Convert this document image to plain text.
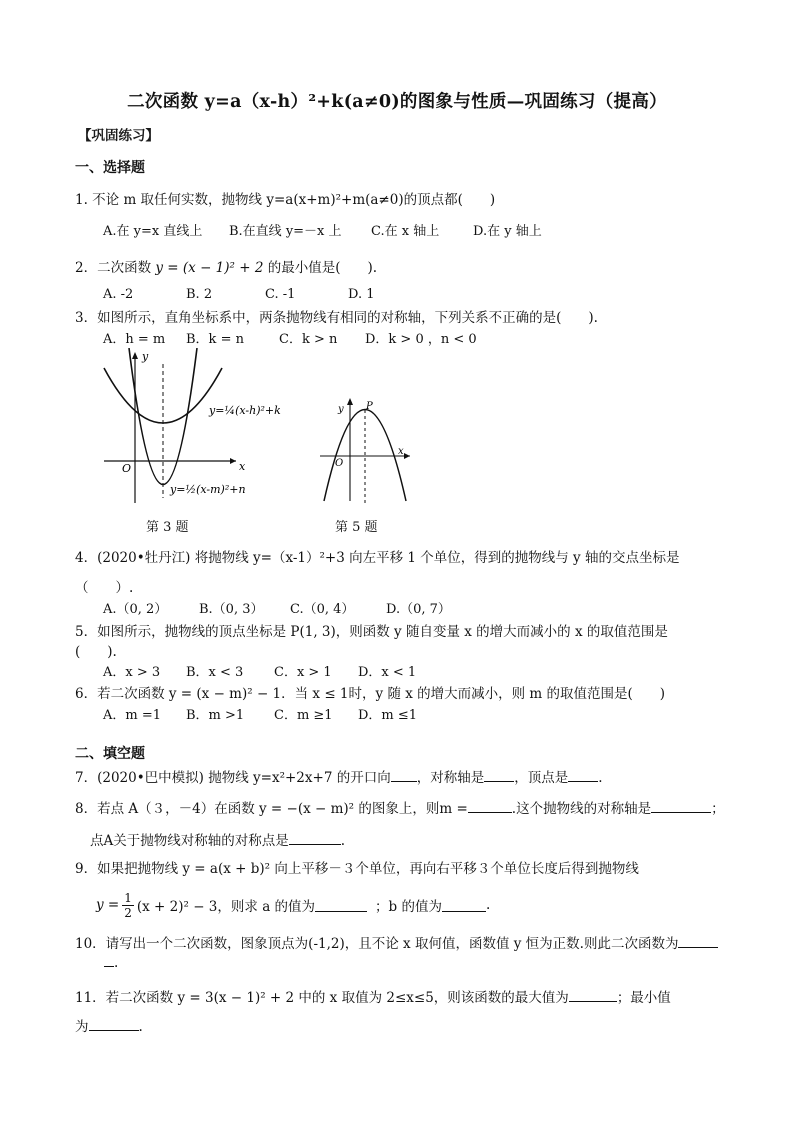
二次函数 y=a（x-h）²+k(a≠0)的图象与性质—巩固练习（提高）
【巩固练习】
一、选择题
1. 不论 m 取任何实数，抛物线 y=a(x+m)²+m(a≠0)的顶点都(　　)
A.在 y=x 直线上 B.在直线 y=－x 上 C.在 x 轴上	D.在 y 轴上
2．二次函数 y = (x − 1)² + 2 的最小值是(　　).
A. -2	B. 2	C. -1	D. 1
3．如图所示，直角坐标系中，两条抛物线有相同的对称轴，下列关系不正确的是(　　).
A．h = m B．k = n	C．k > n D．k > 0 ，n < 0
y=¼(x-h)²+k
y=½(x-m)²+n
x
y
O
y P
O
x
第 3 题	第 5 题
4．(2020•牡丹江) 将抛物线 y=（x-1）²+3 向左平移 1 个单位，得到的抛物线与 y 轴的交点坐标是
（　　）.
A.（0, 2） B.（0, 3） C.（0, 4） D.（0, 7）
5．如图所示，抛物线的顶点坐标是 P(1, 3)，则函数 y 随自变量 x 的增大而减小的 x 的取值范围是
(　　).
A．x > 3 B．x < 3 C．x > 1 D．x < 1
6．若二次函数 y = (x − m)² − 1．当 x ≤ 1时，y 随 x 的增大而减小，则 m 的取值范围是(　　)
A．m =1 B．m >1 C．m ≥1 D．m ≤1
二、填空题
7．(2020•巴中模拟) 抛物线 y=x²+2x+7 的开口向 ，对称轴是 ，顶点是 .
8．若点 A（３，－4）在函数 y = −(x − m)² 的图象上，则m =	.这个抛物线的对称轴是	；
点A关于抛物线对称轴的对称点是	.
9．如果把抛物线 y = a(x + b)² 向上平移－３个单位，再向右平移３个单位长度后得到抛物线
$y = \frac{1}{2} (x + 2)^2 - 3$，则求 a 的值为	；b 的值为	.
10．请写出一个二次函数，图象顶点为(-1,2)，且不论 x 取何值，函数值 y 恒为正数.则此二次函数为
.
11．若二次函数 y = 3(x − 1)² + 2 中的 x 取值为 2≤x≤5，则该函数的最大值为	；最小值
为	.
